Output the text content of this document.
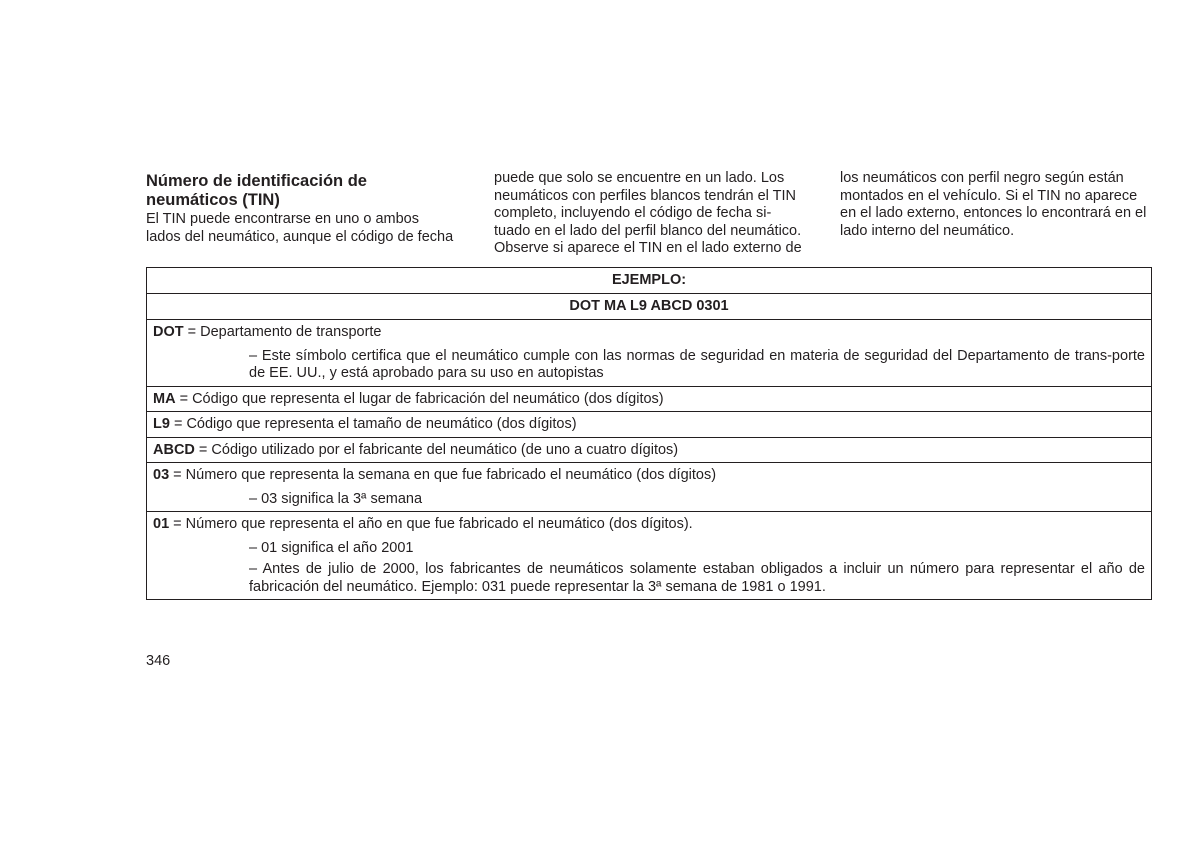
Número de identificación de neumáticos (TIN)
El TIN puede encontrarse en uno o ambos
lados del neumático, aunque el código de fecha
puede que solo se encuentre en un lado. Los
neumáticos con perfiles blancos tendrán el TIN
completo, incluyendo el código de fecha si-
tuado en el lado del perfil blanco del neumático.
Observe si aparece el TIN en el lado externo de
los neumáticos con perfil negro según están
montados en el vehículo. Si el TIN no aparece
en el lado externo, entonces lo encontrará en el
lado interno del neumático.
EJEMPLO:
DOT MA L9 ABCD 0301

DOT = Departamento de transporte
– Este símbolo certifica que el neumático cumple con las normas de seguridad en materia de seguridad del Departamento de trans-porte de EE. UU., y está aprobado para su uso en autopistas

MA = Código que representa el lugar de fabricación del neumático (dos dígitos)

L9 = Código que representa el tamaño de neumático (dos dígitos)

ABCD = Código utilizado por el fabricante del neumático (de uno a cuatro dígitos)

03 = Número que representa la semana en que fue fabricado el neumático (dos dígitos)
– 03 significa la 3ª semana

01 = Número que representa el año en que fue fabricado el neumático (dos dígitos).
– 01 significa el año 2001
– Antes de julio de 2000, los fabricantes de neumáticos solamente estaban obligados a incluir un número para representar el año de fabricación del neumático. Ejemplo: 031 puede representar la 3ª semana de 1981 o 1991.
346
